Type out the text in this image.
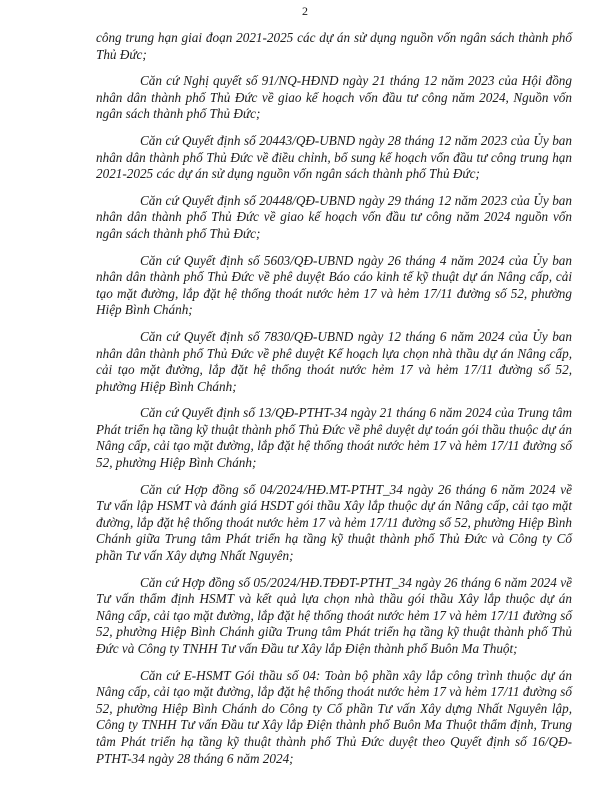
2

công trung hạn giai đoạn 2021-2025 các dự án sử dụng nguồn vốn ngân sách thành phố Thủ Đức;

Căn cứ Nghị quyết số 91/NQ-HĐND ngày 21 tháng 12 năm 2023 của Hội đồng nhân dân thành phố Thủ Đức về giao kế hoạch vốn đầu tư công năm 2024, Nguồn vốn ngân sách thành phố Thủ Đức;

Căn cứ Quyết định số 20443/QĐ-UBND ngày 28 tháng 12 năm 2023 của Ủy ban nhân dân thành phố Thủ Đức về điều chỉnh, bổ sung kế hoạch vốn đầu tư công trung hạn 2021-2025 các dự án sử dụng nguồn vốn ngân sách thành phố Thủ Đức;

Căn cứ Quyết định số 20448/QĐ-UBND ngày 29 tháng 12 năm 2023 của Ủy ban nhân dân thành phố Thủ Đức về giao kế hoạch vốn đầu tư công năm 2024 nguồn vốn ngân sách thành phố Thủ Đức;

Căn cứ Quyết định số 5603/QĐ-UBND ngày 26 tháng 4 năm 2024 của Ủy ban nhân dân thành phố Thủ Đức về phê duyệt Báo cáo kinh tế kỹ thuật dự án Nâng cấp, cải tạo mặt đường, lắp đặt hệ thống thoát nước hẻm 17 và hẻm 17/11 đường số 52, phường Hiệp Bình Chánh;

Căn cứ Quyết định số 7830/QĐ-UBND ngày 12 tháng 6 năm 2024 của Ủy ban nhân dân thành phố Thủ Đức về phê duyệt Kế hoạch lựa chọn nhà thầu dự án Nâng cấp, cải tạo mặt đường, lắp đặt hệ thống thoát nước hẻm 17 và hẻm 17/11 đường số 52, phường Hiệp Bình Chánh;

Căn cứ Quyết định số 13/QĐ-PTHT-34 ngày 21 tháng 6 năm 2024 của Trung tâm Phát triển hạ tầng kỹ thuật thành phố Thủ Đức về phê duyệt dự toán gói thầu thuộc dự án Nâng cấp, cải tạo mặt đường, lắp đặt hệ thống thoát nước hẻm 17 và hẻm 17/11 đường số 52, phường Hiệp Bình Chánh;

Căn cứ Hợp đồng số 04/2024/HĐ.MT-PTHT_34 ngày 26 tháng 6 năm 2024 về Tư vấn lập HSMT và đánh giá HSDT gói thầu Xây lắp thuộc dự án Nâng cấp, cải tạo mặt đường, lắp đặt hệ thống thoát nước hẻm 17 và hẻm 17/11 đường số 52, phường Hiệp Bình Chánh giữa Trung tâm Phát triển hạ tầng kỹ thuật thành phố Thủ Đức và Công ty Cổ phần Tư vấn Xây dựng Nhất Nguyên;

Căn cứ Hợp đồng số 05/2024/HĐ.TĐĐT-PTHT_34 ngày 26 tháng 6 năm 2024 về Tư vấn thẩm định HSMT và kết quả lựa chọn nhà thầu gói thầu Xây lắp thuộc dự án Nâng cấp, cải tạo mặt đường, lắp đặt hệ thống thoát nước hẻm 17 và hẻm 17/11 đường số 52, phường Hiệp Bình Chánh giữa Trung tâm Phát triển hạ tầng kỹ thuật thành phố Thủ Đức và Công ty TNHH Tư vấn Đầu tư Xây lắp Điện thành phố Buôn Ma Thuột;

Căn cứ E-HSMT Gói thầu số 04: Toàn bộ phần xây lắp công trình thuộc dự án Nâng cấp, cải tạo mặt đường, lắp đặt hệ thống thoát nước hẻm 17 và hẻm 17/11 đường số 52, phường Hiệp Bình Chánh do Công ty Cổ phần Tư vấn Xây dựng Nhất Nguyên lập, Công ty TNHH Tư vấn Đầu tư Xây lắp Điện thành phố Buôn Ma Thuột thẩm định, Trung tâm Phát triển hạ tầng kỹ thuật thành phố Thủ Đức duyệt theo Quyết định số 16/QĐ-PTHT-34 ngày 28 tháng 6 năm 2024;
